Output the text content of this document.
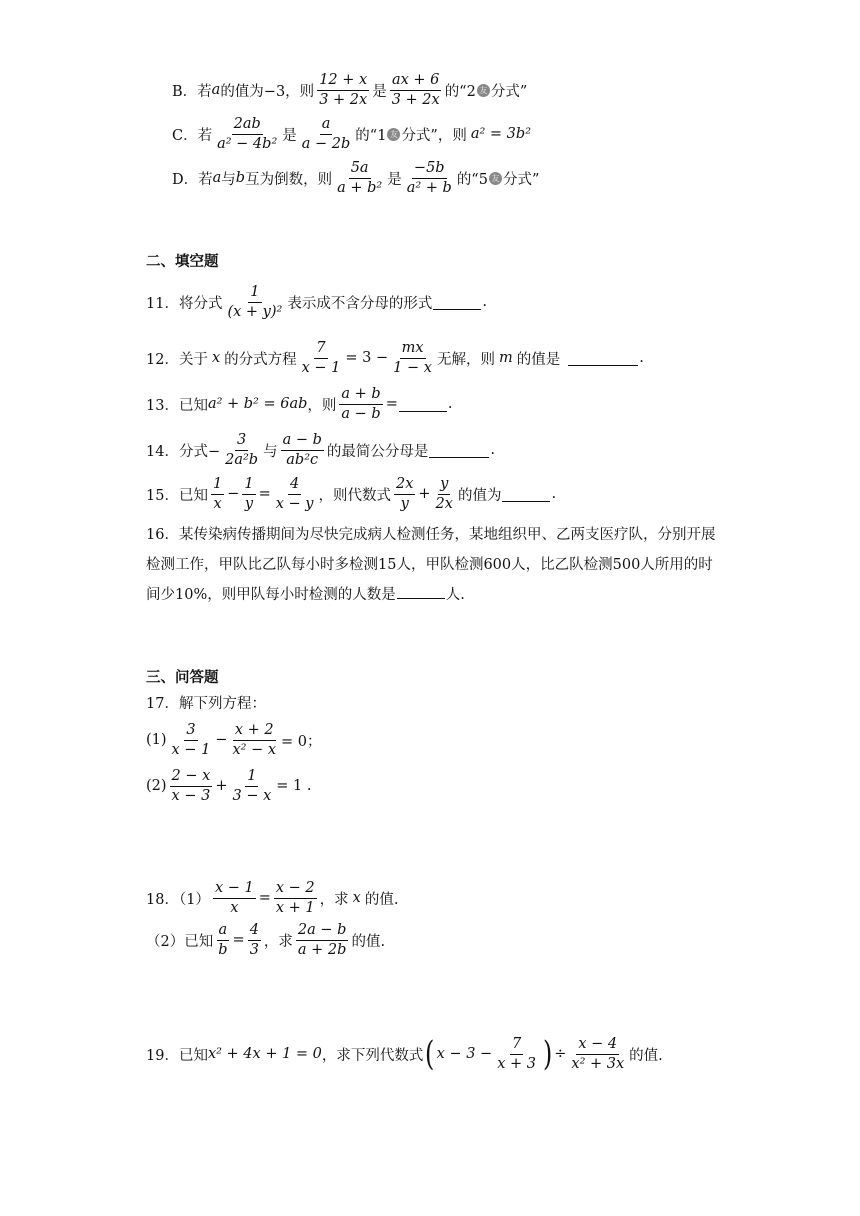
B．若 a 的值为−3，则 $\frac{12 + x}{3 + 2x}$ 是 $\frac{ax + 6}{3 + 2x}$ 的“2 友 分式”
C．若 $\frac{2ab}{\text{a² − 4b²}}$ 是 $\frac{a}{a - 2b}$ 的“1 友 分式”，则 a² = 3b²
D．若 a 与 b 互为倒数，则 $\frac{5a}{\text{a + b²}}$ 是 $\frac{-5b}{\text{a² + b}}$ 的“5 友 分式”
二、填空题
11．将分式 $\frac{1}{\text{(x + y)²}}$ 表示成不含分母的形式	.
12．关于 x 的分式方程 $\frac{7}{x - 1} = 3 - \frac{mx}{1 - x}$ 无解，则 m 的值是	.
13．已知 a² + b² = 6ab ，则 $\frac{a + b}{a - b}$ =	.
14．分式− $\frac{3}{\text{2a²b}}$ 与 $\frac{a - b}{\text{ab²c}}$ 的最简公分母是	.
15．已知 $\frac{1}{x} - \frac{1}{y} = \frac{4}{x - y}$ ，则代数式 $\frac{2x}{y} + \frac{y}{2x}$ 的值为	.
16．某传染病传播期间为尽快完成病人检测任务，某地组织甲、乙两支医疗队，分别开展检测工作，甲队比乙队每小时多检测15人，甲队检测600人，比乙队检测500人所用的时间少10%，则甲队每小时检测的人数是	人.
三、问答题
17．解下列方程：
$(1) \frac{3}{x - 1} - \frac{x + 2}{\text{x² − x}} = 0$；
$(2) \frac{2 - x}{x - 3} + \frac{1}{3 - x} = 1$ .
18．$(1) \frac{x - 1}{x} = \frac{x - 2}{x + 1}$ ，求 x 的值.
（2）已知 $\frac{a}{b} = \frac{4}{3}$ ，求 $\frac{2a - b}{a + 2b}$ 的值.
19．已知 x² + 4x + 1 = 0 ，求下列代数式 ( $x - 3 - \frac{7}{x + 3}$ ) ÷ $\frac{x - 4}{\text{x² + 3x}}$ 的值.
